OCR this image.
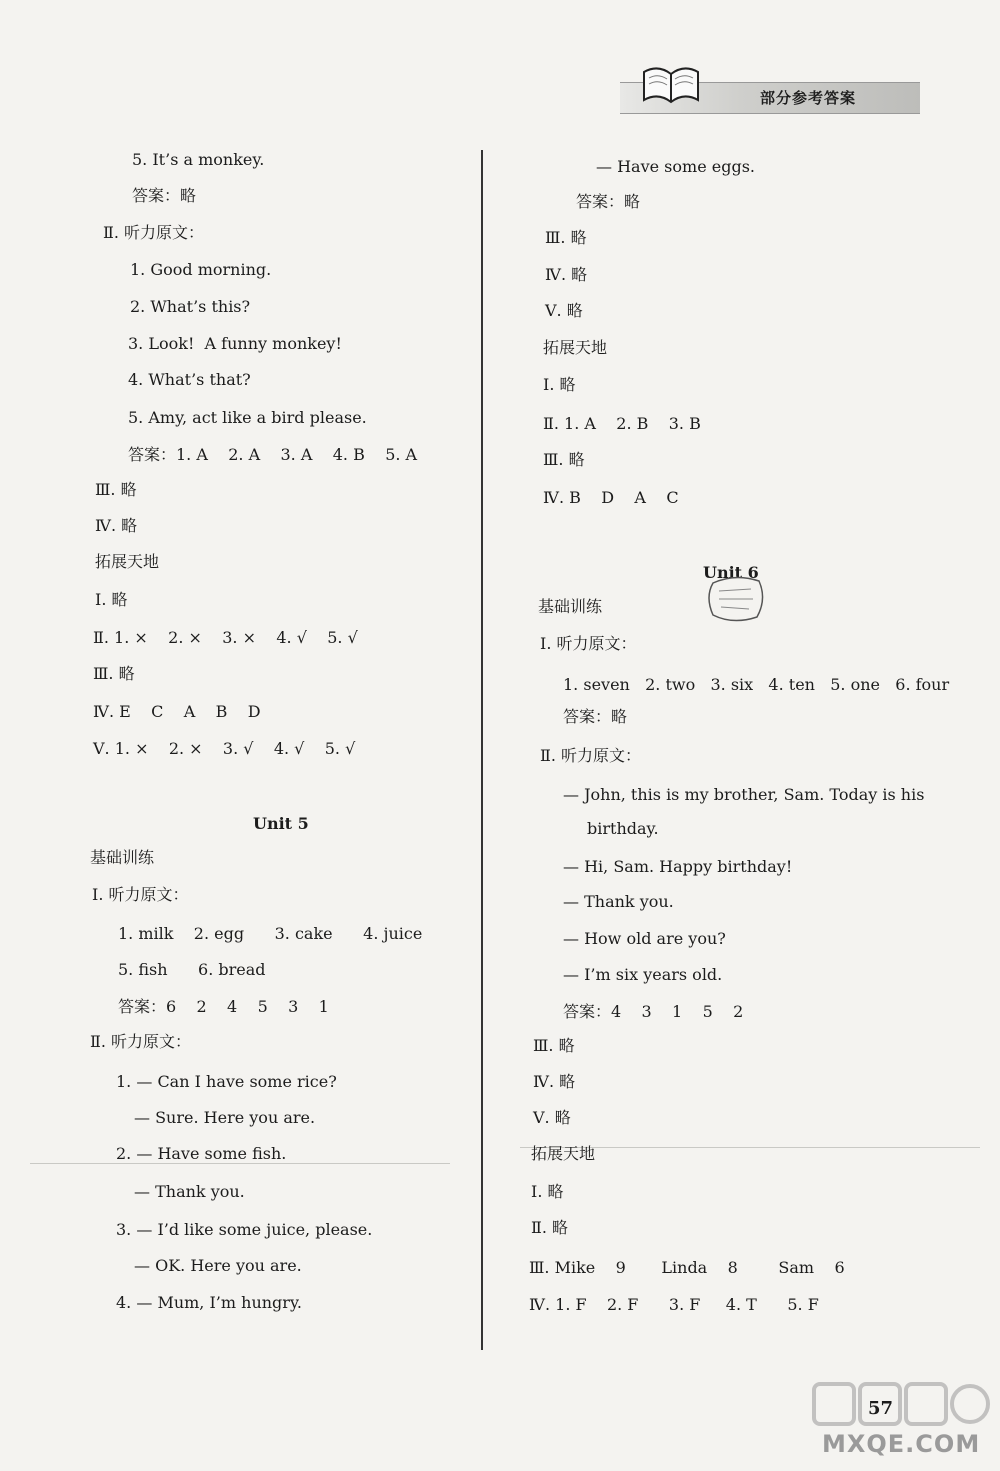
部分参考答案
5. It’s a monkey.
答案：略
Ⅱ. 听力原文：
1. Good morning.
2. What’s this?
3. Look!  A funny monkey!
4. What’s that?
5. Amy, act like a bird please.
答案：1. A    2. A    3. A    4. B    5. A
Ⅲ. 略
Ⅳ. 略
拓展天地
Ⅰ. 略
Ⅱ. 1. ×    2. ×    3. ×    4. √    5. √
Ⅲ. 略
Ⅳ. E    C    A    B    D
Ⅴ. 1. ×    2. ×    3. √    4. √    5. √
Unit 5
基础训练
Ⅰ. 听力原文：
1. milk    2. egg      3. cake      4. juice
5. fish      6. bread
答案：6    2    4    5    3    1
Ⅱ. 听力原文：
1. — Can I have some rice?
— Sure. Here you are.
2. — Have some fish.
— Thank you.
3. — I’d like some juice, please.
— OK. Here you are.
4. — Mum, I’m hungry.
— Have some eggs.
答案：略
Ⅲ. 略
Ⅳ. 略
Ⅴ. 略
拓展天地
Ⅰ. 略
Ⅱ. 1. A    2. B    3. B
Ⅲ. 略
Ⅳ. B    D    A    C
Unit 6
基础训练
Ⅰ. 听力原文：
1. seven   2. two   3. six   4. ten   5. one   6. four
答案：略
Ⅱ. 听力原文：
— John, this is my brother, Sam. Today is his
birthday.
— Hi, Sam. Happy birthday!
— Thank you.
— How old are you?
— I’m six years old.
答案：4    3    1    5    2
Ⅲ. 略
Ⅳ. 略
Ⅴ. 略
拓展天地
Ⅰ. 略
Ⅱ. 略
Ⅲ. Mike    9       Linda    8        Sam    6
Ⅳ. 1. F    2. F      3. F     4. T      5. F
57
MXQE.COM
